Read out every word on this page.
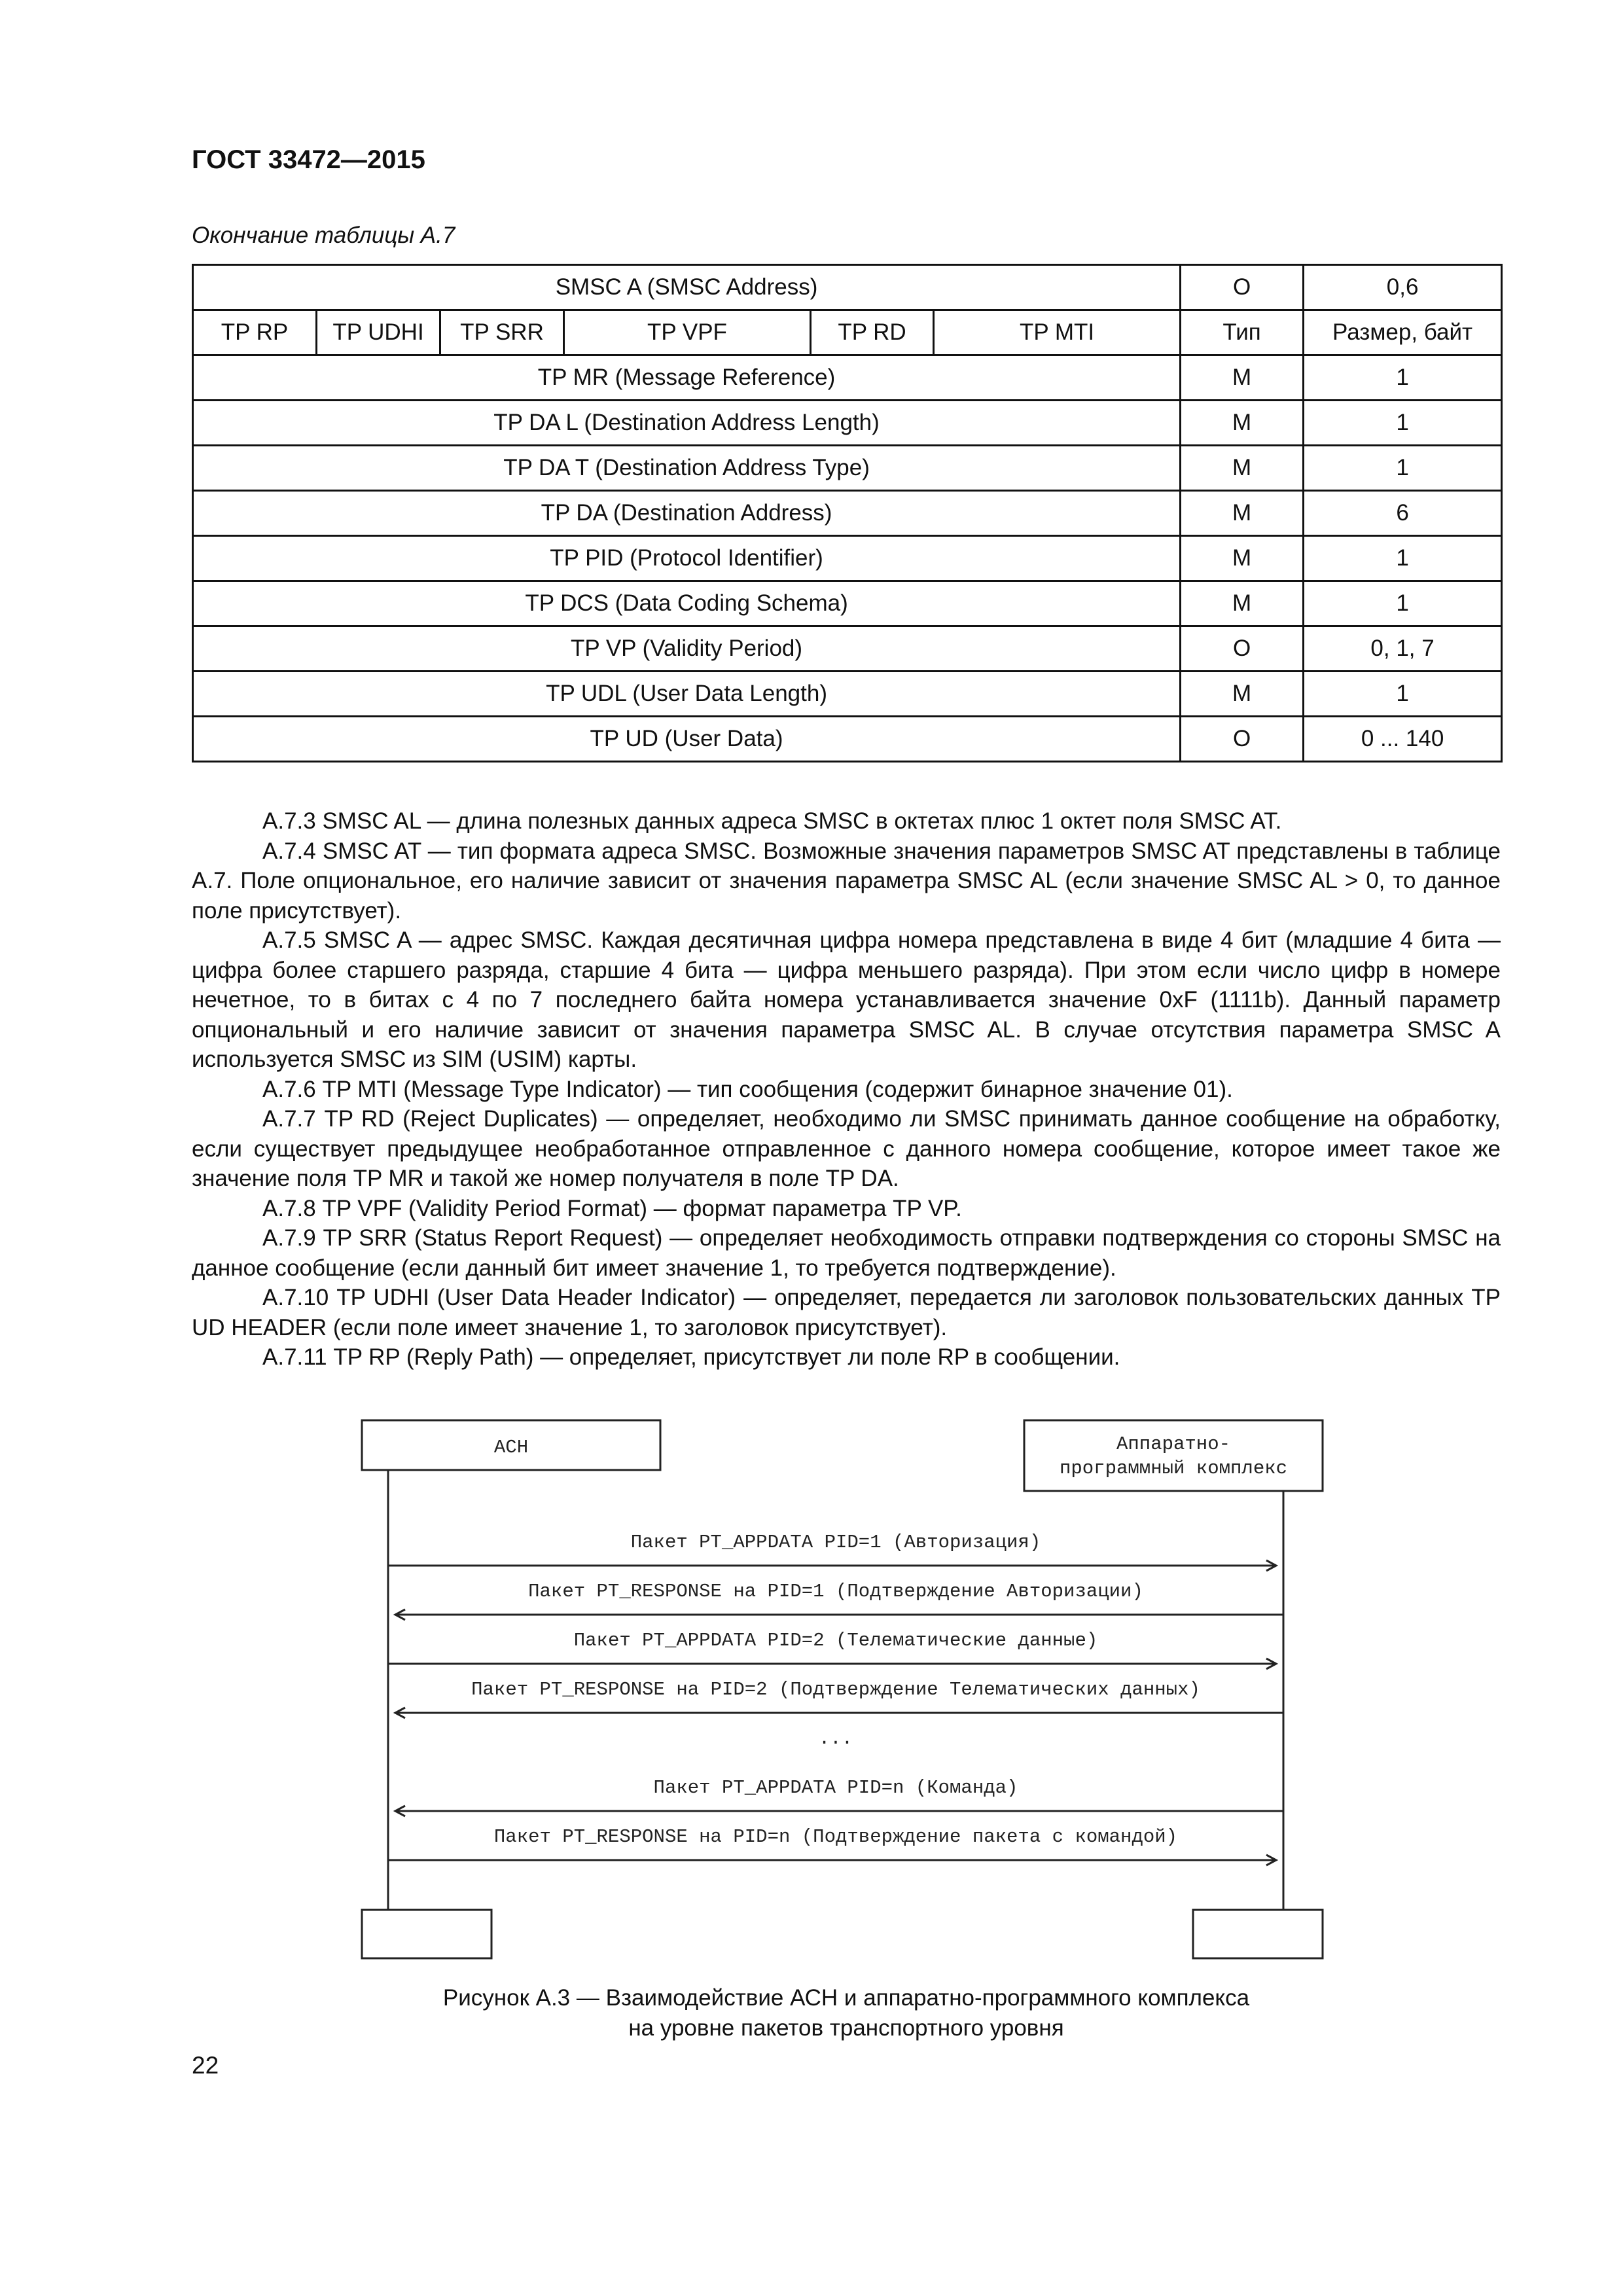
ГОСТ 33472—2015
Окончание таблицы А.7
SMSC A (SMSC Address)						O	0,6
TP RP	TP UDHI	TP SRR	TP VPF	TP RD	TP MTI	Тип	Размер, байт
TP MR (Message Reference)						M	1
TP DA L (Destination Address Length)						M	1
TP DA T (Destination Address Type)						M	1
TP DA (Destination Address)						M	6
TP PID (Protocol Identifier)						M	1
TP DCS (Data Coding Schema)						M	1
TP VP (Validity Period)						O	0, 1, 7
TP UDL (User Data Length)						M	1
TP UD (User Data)						O	0 ... 140

А.7.3 SMSC AL — длина полезных данных адреса SMSC в октетах плюс 1 октет поля SMSC AT.

А.7.4 SMSC AT — тип формата адреса SMSC. Возможные значения параметров SMSC AT представлены в таблице А.7. Поле опциональное, его наличие зависит от значения параметра SMSC AL (если значение SMSC AL > 0, то данное поле присутствует).

А.7.5 SMSC A — адрес SMSC. Каждая десятичная цифра номера представлена в виде 4 бит (младшие 4 бита — цифра более старшего разряда, старшие 4 бита — цифра меньшего разряда). При этом если число цифр в номере нечетное, то в битах с 4 по 7 последнего байта номера устанавливается значение 0xF (1111b). Данный параметр опциональный и его наличие зависит от значения параметра SMSC AL. В случае отсутствия параметра SMSC A используется SMSC из SIM (USIM) карты.

А.7.6 TP MTI (Message Type Indicator) — тип сообщения (содержит бинарное значение 01).

А.7.7 TP RD (Reject Duplicates) — определяет, необходимо ли SMSC принимать данное сообщение на обработку, если существует предыдущее необработанное отправленное с данного номера сообщение, которое имеет такое же значение поля TP MR и такой же номер получателя в поле TP DA.

А.7.8 TP VPF (Validity Period Format) — формат параметра TP VP.

А.7.9 TP SRR (Status Report Request) — определяет необходимость отправки подтверждения со стороны SMSC на данное сообщение (если данный бит имеет значение 1, то требуется подтверждение).

А.7.10 TP UDHI (User Data Header Indicator) — определяет, передается ли заголовок пользовательских данных TP UD HEADER (если поле имеет значение 1, то заголовок присутствует).

А.7.11 TP RP (Reply Path) — определяет, присутствует ли поле RP в сообщении.

АСН	Аппаратно-
программный комплекс
Пакет PT_APPDATA PID=1 (Авторизация)
Пакет PT_RESPONSE на PID=1 (Подтверждение Авторизации)
Пакет PT_APPDATA PID=2 (Телематические данные)
Пакет PT_RESPONSE на PID=2 (Подтверждение Телематических данных)
...
Пакет PT_APPDATA PID=n (Команда)
Пакет PT_RESPONSE на PID=n (Подтверждение пакета с командой)
Рисунок А.3 — Взаимодействие АСН и аппаратно-программного комплекса
на уровне пакетов транспортного уровня
22
